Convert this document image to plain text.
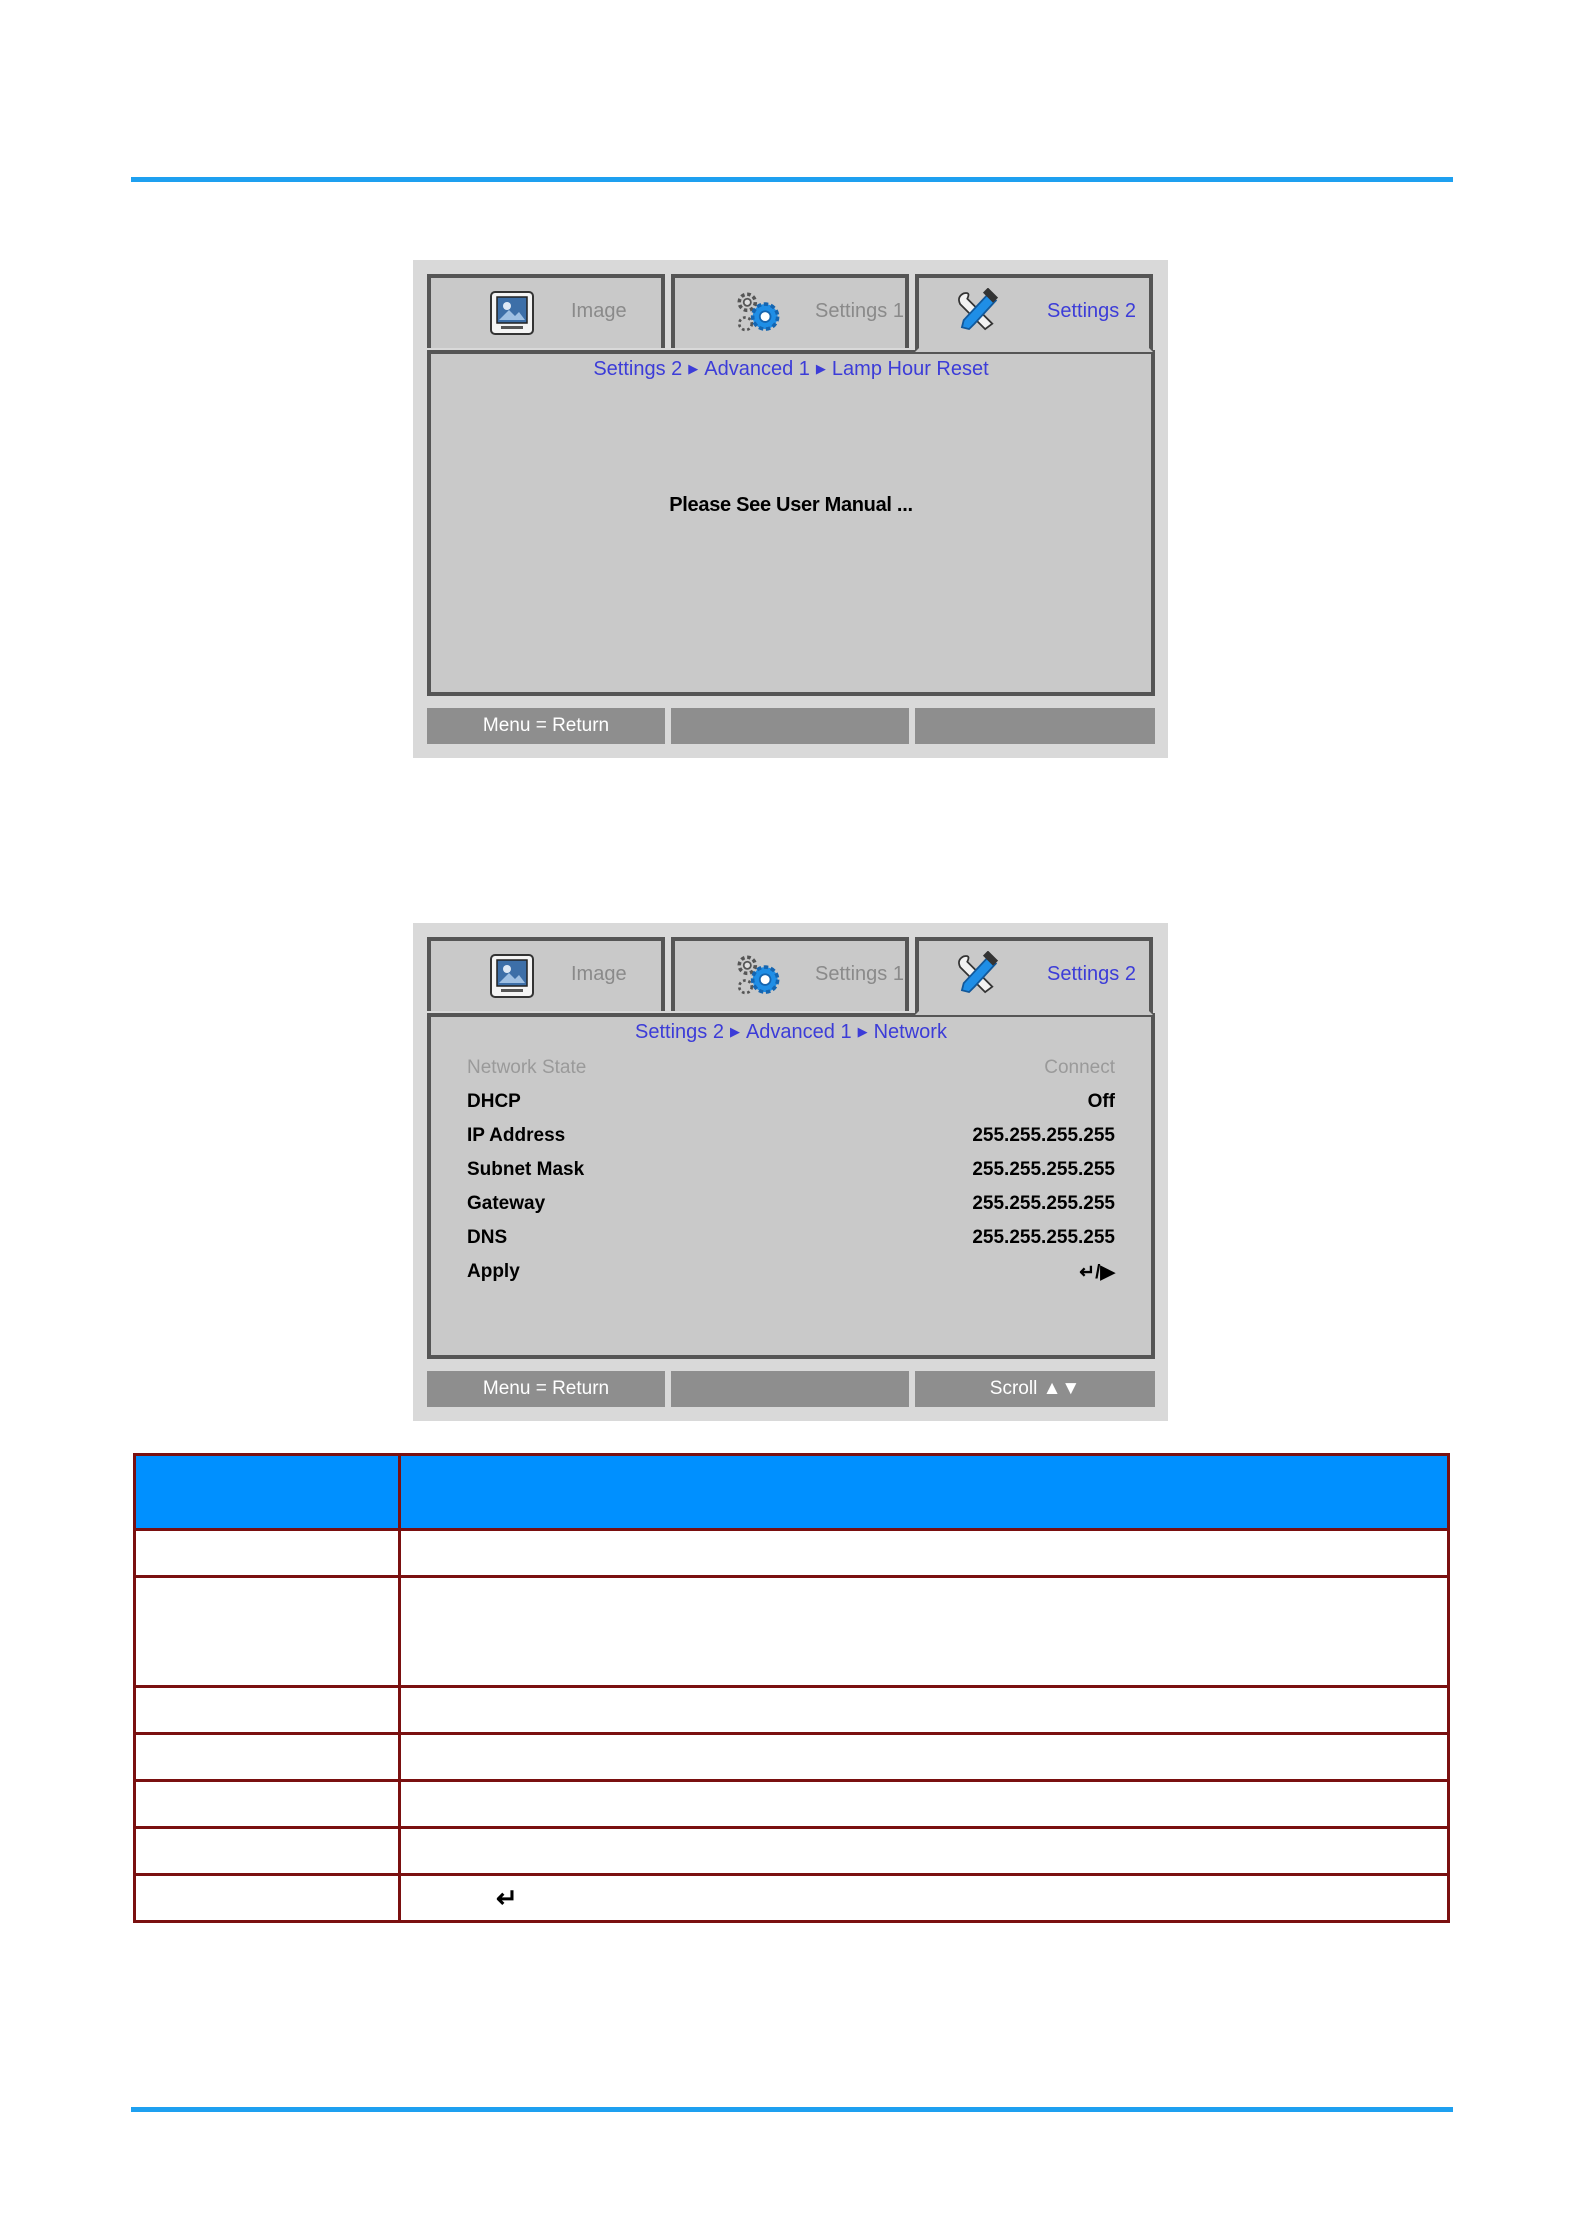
Image	Settings 1	Settings 2
Settings 2 ▶ Advanced 1 ▶ Lamp Hour Reset
Please See User Manual ...
Menu = Return
Image	Settings 1	Settings 2
Settings 2 ▶ Advanced 1 ▶ Network
Network State	Connect
DHCP	Off
IP Address	255.255.255.255
Subnet Mask	255.255.255.255
Gateway	255.255.255.255
DNS	255.255.255.255
Apply	↵/▶
Menu = Return	Scroll ▲▼

	↵
